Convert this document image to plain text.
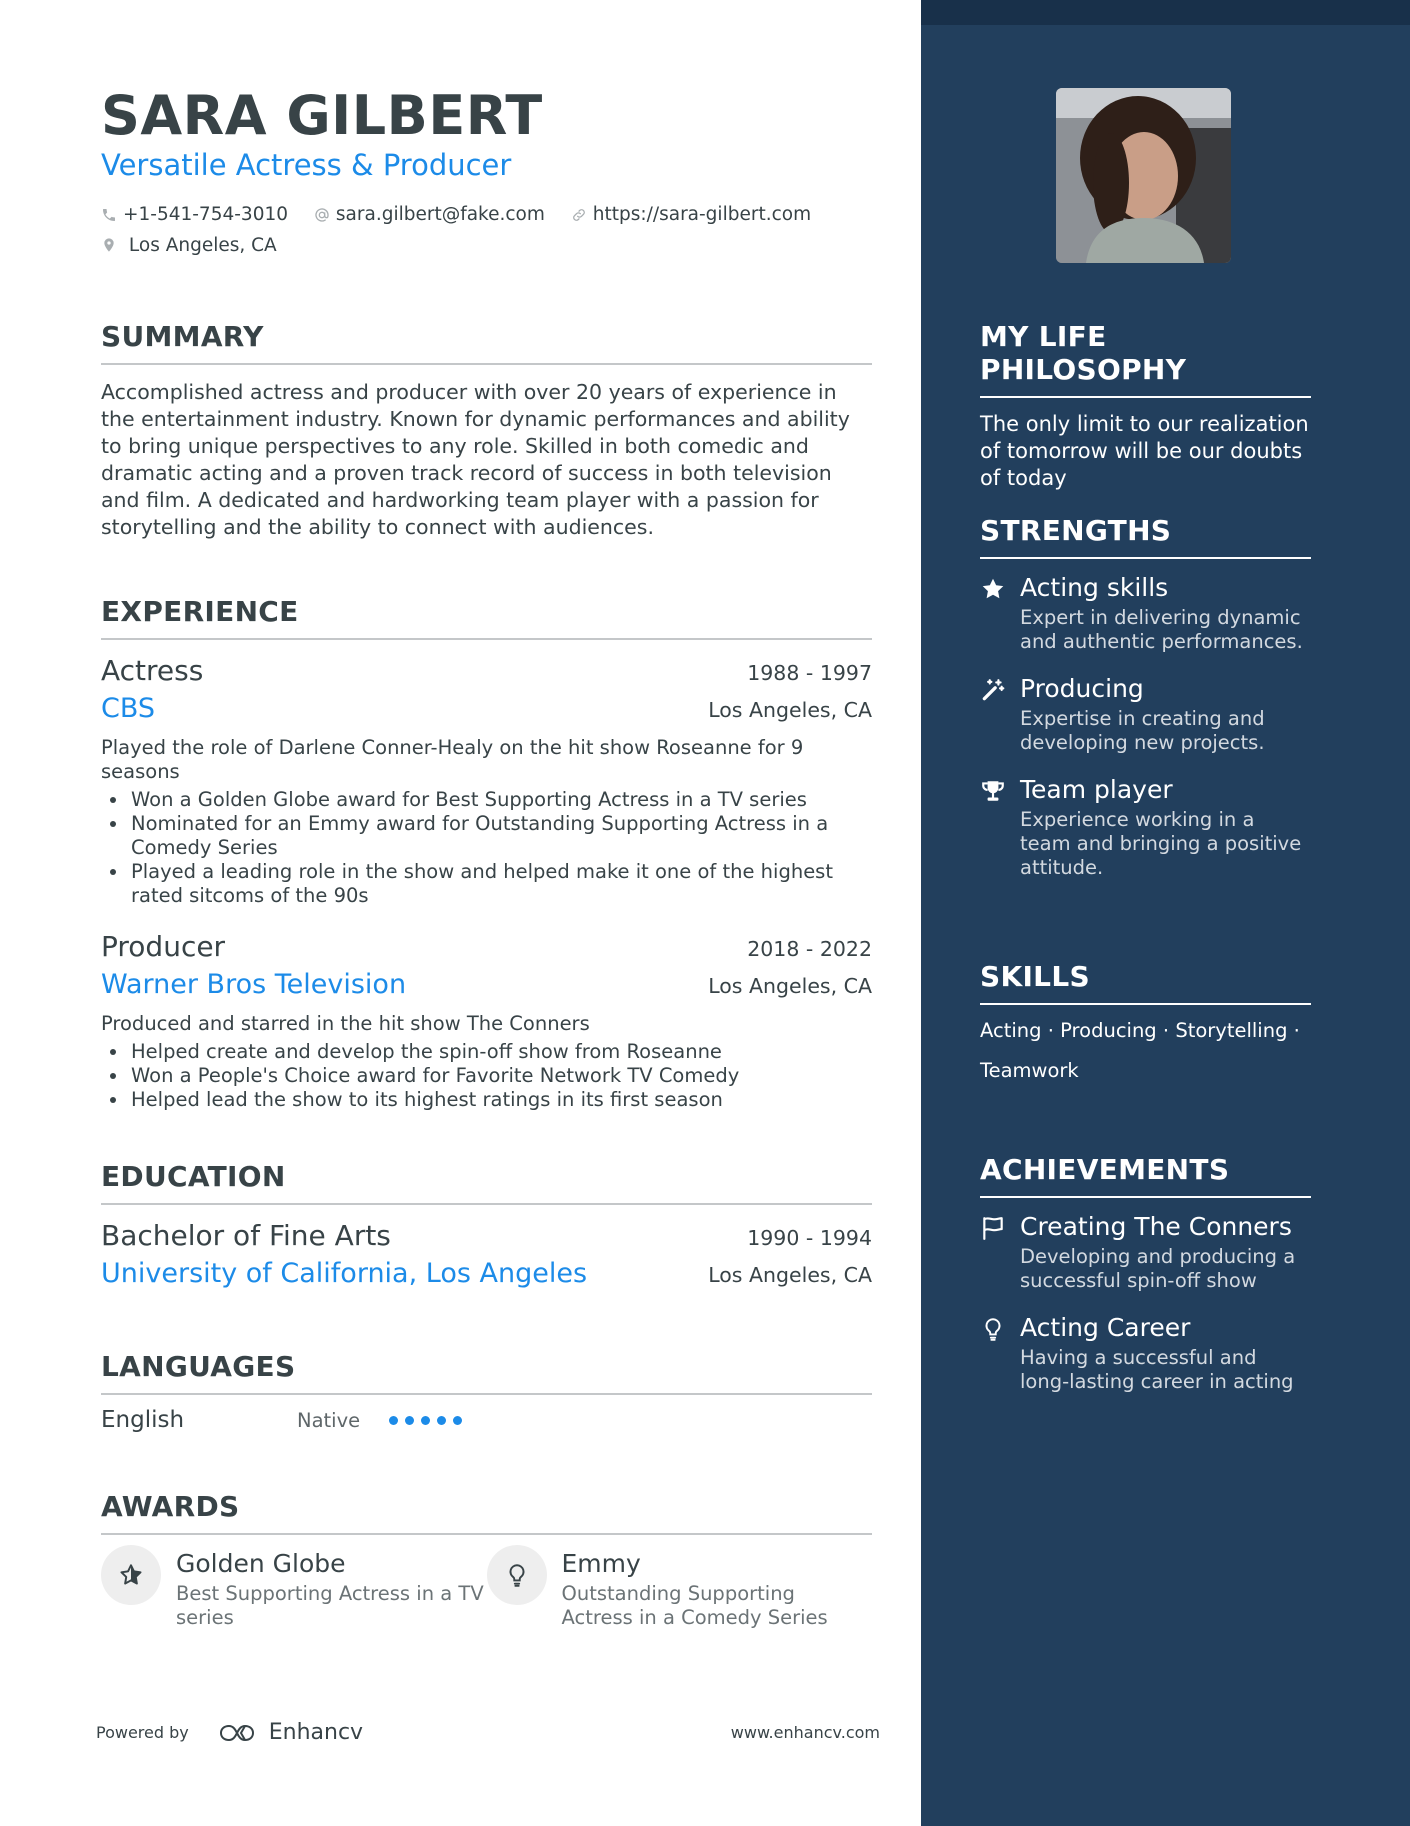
SARA GILBERT
Versatile Actress & Producer
+1-541-754-3010
	sara.gilbert@fake.com
	https://sara-gilbert.com
Los Angeles, CA
SUMMARY
Accomplished actress and producer with over 20 years of experience in the entertainment industry. Known for dynamic performances and ability to bring unique perspectives to any role. Skilled in both comedic and dramatic acting and a proven track record of success in both television and film. A dedicated and hardworking team player with a passion for storytelling and the ability to connect with audiences.
EXPERIENCE
Actress	1988 - 1997
CBS	Los Angeles, CA
Played the role of Darlene Conner-Healy on the hit show Roseanne for 9 seasons
• Won a Golden Globe award for Best Supporting Actress in a TV series
• Nominated for an Emmy award for Outstanding Supporting Actress in a Comedy Series
• Played a leading role in the show and helped make it one of the highest rated sitcoms of the 90s
Producer	2018 - 2022
Warner Bros Television	Los Angeles, CA
Produced and starred in the hit show The Conners
• Helped create and develop the spin-off show from Roseanne
• Won a People's Choice award for Favorite Network TV Comedy
• Helped lead the show to its highest ratings in its first season
EDUCATION
Bachelor of Fine Arts	1990 - 1994
University of California, Los Angeles	Los Angeles, CA
LANGUAGES
English	Native
AWARDS
Golden Globe
Best Supporting Actress in a TV series
Emmy
Outstanding Supporting Actress in a Comedy Series
Powered by	Enhancv	www.enhancv.com
MY LIFE PHILOSOPHY
The only limit to our realization of tomorrow will be our doubts of today
STRENGTHS
Acting skills
Expert in delivering dynamic and authentic performances.
Producing
Expertise in creating and developing new projects.
Team player
Experience working in a team and bringing a positive attitude.
SKILLS
Acting · Producing · Storytelling ·
Teamwork
ACHIEVEMENTS
Creating The Conners
Developing and producing a successful spin-off show
Acting Career
Having a successful and long-lasting career in acting
